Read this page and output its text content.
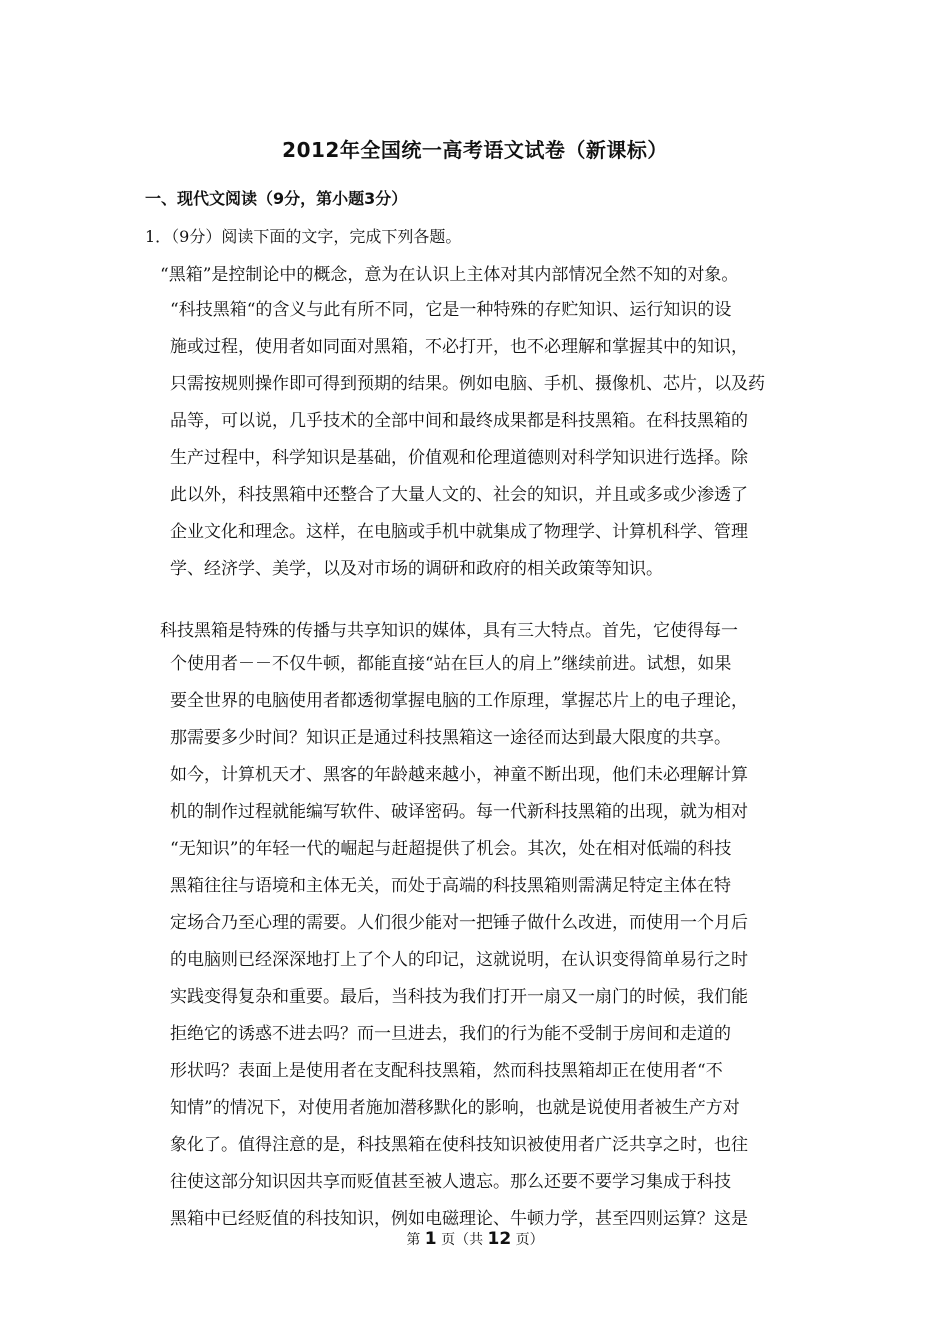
2012年全国统一高考语文试卷（新课标）
一、现代文阅读（9分，第小题3分）
1．（9分）阅读下面的文字，完成下列各题。
“黑箱”是控制论中的概念，意为在认识上主体对其内部情况全然不知的对象。
“科技黑箱“的含义与此有所不同，它是一种特殊的存贮知识、运行知识的设
施或过程，使用者如同面对黑箱，不必打开，也不必理解和掌握其中的知识，
只需按规则操作即可得到预期的结果。例如电脑、手机、摄像机、芯片，以及药
品等，可以说，几乎技术的全部中间和最终成果都是科技黑箱。在科技黑箱的
生产过程中，科学知识是基础，价值观和伦理道德则对科学知识进行选择。除
此以外，科技黑箱中还整合了大量人文的、社会的知识，并且或多或少渗透了
企业文化和理念。这样，在电脑或手机中就集成了物理学、计算机科学、管理
学、经济学、美学，以及对市场的调研和政府的相关政策等知识。
科技黑箱是特殊的传播与共享知识的媒体，具有三大特点。首先，它使得每一
个使用者－－不仅牛顿，都能直接“站在巨人的肩上”继续前进。试想，如果
要全世界的电脑使用者都透彻掌握电脑的工作原理，掌握芯片上的电子理论，
那需要多少时间？知识正是通过科技黑箱这一途径而达到最大限度的共享。
如今，计算机天才、黑客的年龄越来越小，神童不断出现，他们未必理解计算
机的制作过程就能编写软件、破译密码。每一代新科技黑箱的出现，就为相对
“无知识”的年轻一代的崛起与赶超提供了机会。其次，处在相对低端的科技
黑箱往往与语境和主体无关，而处于高端的科技黑箱则需满足特定主体在特
定场合乃至心理的需要。人们很少能对一把锤子做什么改进，而使用一个月后
的电脑则已经深深地打上了个人的印记，这就说明，在认识变得简单易行之时
实践变得复杂和重要。最后，当科技为我们打开一扇又一扇门的时候，我们能
拒绝它的诱惑不进去吗？而一旦进去，我们的行为能不受制于房间和走道的
形状吗？表面上是使用者在支配科技黑箱，然而科技黑箱却正在使用者“不
知情”的情况下，对使用者施加潜移默化的影响，也就是说使用者被生产方对
象化了。值得注意的是，科技黑箱在使科技知识被使用者广泛共享之时，也往
往使这部分知识因共享而贬值甚至被人遗忘。那么还要不要学习集成于科技
黑箱中已经贬值的科技知识，例如电磁理论、牛顿力学，甚至四则运算？这是
第 1 页（共 12 页）
